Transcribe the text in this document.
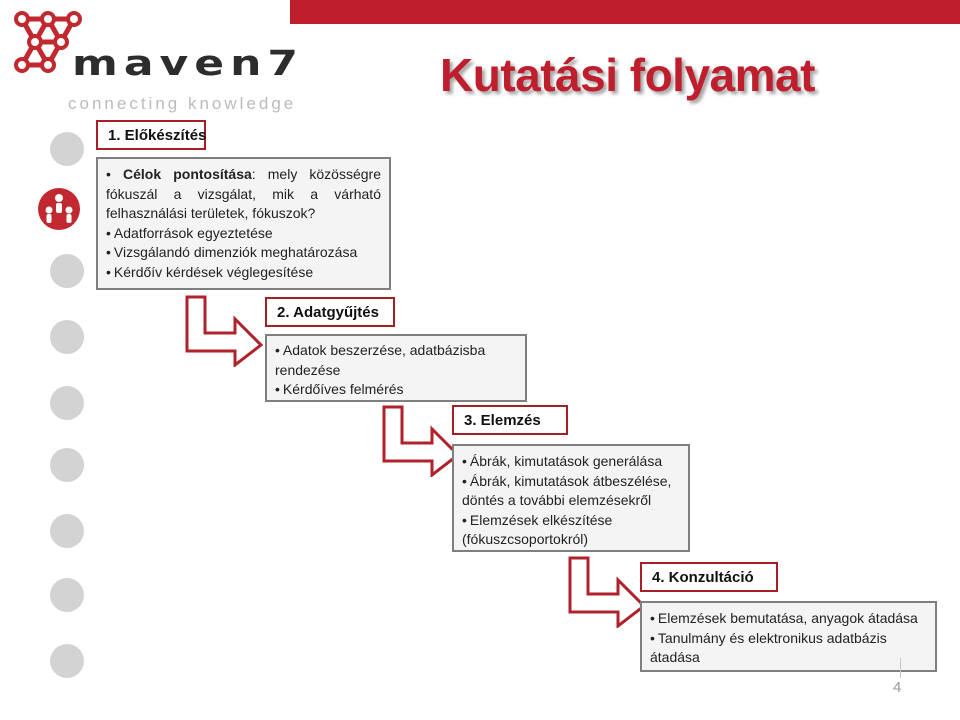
Kutatási folyamat
maven7
connecting knowledge
1. Előkészítés
• Célok pontosítása: mely közösségre fókuszál a vizsgálat, mik a várható felhasználási területek, fókuszok?
• Adatforrások egyeztetése
• Vizsgálandó dimenziók meghatározása
• Kérdőív kérdések véglegesítése
2. Adatgyűjtés
• Adatok beszerzése, adatbázisba rendezése
• Kérdőíves felmérés
3. Elemzés
• Ábrák, kimutatások generálása
• Ábrák, kimutatások átbeszélése, döntés a további elemzésekről
• Elemzések elkészítése (fókuszcsoportokról)
4. Konzultáció
• Elemzések bemutatása, anyagok átadása
• Tanulmány és elektronikus adatbázis átadása
4
